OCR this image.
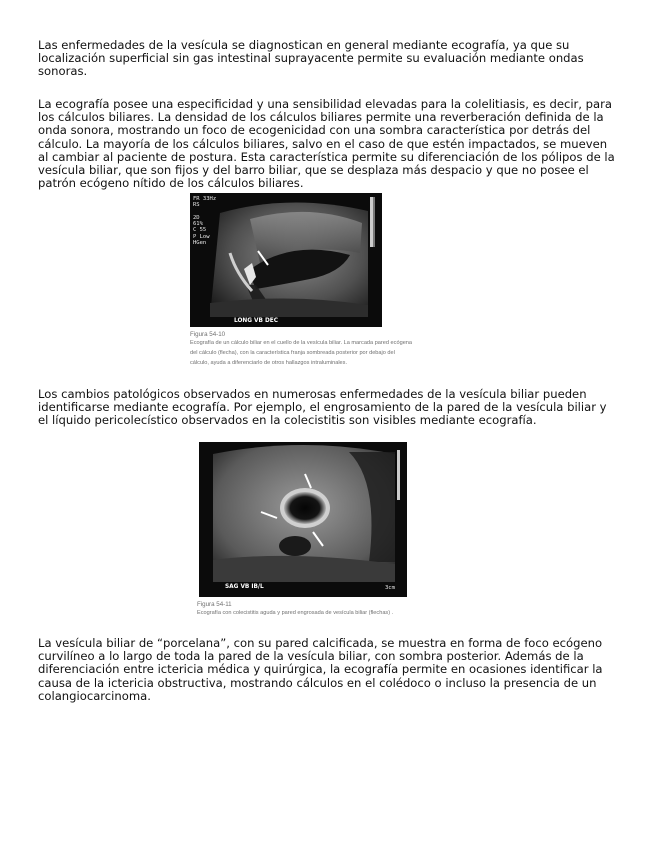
Las enfermedades de la vesícula se diagnostican en general mediante ecografía, ya que su localización superficial sin gas intestinal suprayacente permite su evaluación mediante ondas sonoras.

La ecografía posee una especificidad y una sensibilidad elevadas para la colelitiasis, es decir, para los cálculos biliares. La densidad de los cálculos biliares permite una reverberación definida de la onda sonora, mostrando un foco de ecogenicidad con una sombra característica por detrás del cálculo. La mayoría de los cálculos biliares, salvo en el caso de que estén impactados, se mueven al cambiar al paciente de postura. Esta característica permite su diferenciación de los pólipos de la vesícula biliar, que son fijos y del barro biliar, que se desplaza más despacio y que no posee el patrón ecógeno nítido de los cálculos biliares.

FR 33Hz
RS

2D
61%
C 55
P Low
HGen
LONG VB DEC
Figura 54-10
Ecografía de un cálculo biliar en el cuello de la vesícula biliar. La marcada pared ecógena
del cálculo (flecha), con la característica franja sombreada posterior por debajo del
cálculo, ayuda a diferenciarlo de otros hallazgos intraluminales.

Los cambios patológicos observados en numerosas enfermedades de la vesícula biliar pueden identificarse mediante ecografía. Por ejemplo, el engrosamiento de la pared de la vesícula biliar y el líquido pericolecístico observados en la colecistitis son visibles mediante ecografía.

SAG VB IB/L	3cm
Figura 54-11
Ecografía con colecistitis aguda y pared engrosada de vesícula biliar (flechas) .

La vesícula biliar de “porcelana”, con su pared calcificada, se muestra en forma de foco ecógeno curvilíneo a lo largo de toda la pared de la vesícula biliar, con sombra posterior. Además de la diferenciación entre ictericia médica y quirúrgica, la ecografía permite en ocasiones identificar la causa de la ictericia obstructiva, mostrando cálculos en el colédoco o incluso la presencia de un colangiocarcinoma.
